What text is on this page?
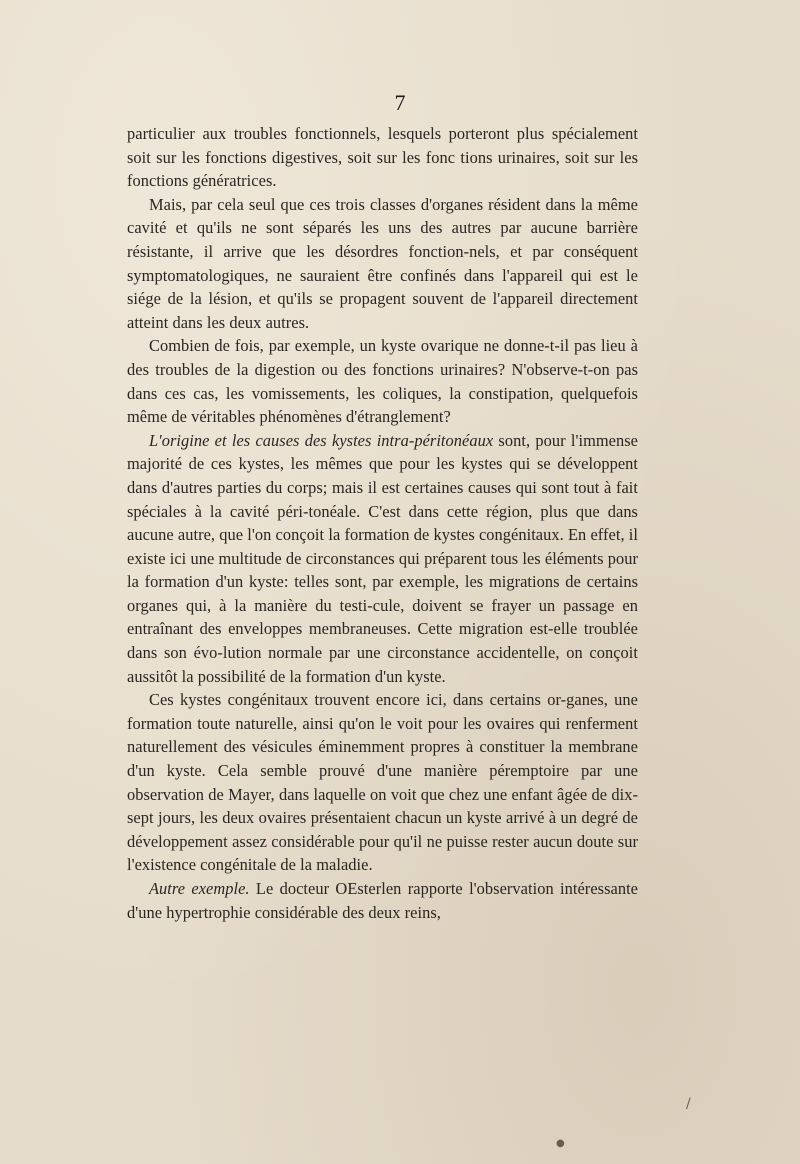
7

particulier aux troubles fonctionnels, lesquels porteront plus spécialement soit sur les fonctions digestives, soit sur les fonc tions urinaires, soit sur les fonctions génératrices.

Mais, par cela seul que ces trois classes d'organes résident dans la même cavité et qu'ils ne sont séparés les uns des autres par aucune barrière résistante, il arrive que les désordres fonction-nels, et par conséquent symptomatologiques, ne sauraient être confinés dans l'appareil qui est le siége de la lésion, et qu'ils se propagent souvent de l'appareil directement atteint dans les deux autres.

Combien de fois, par exemple, un kyste ovarique ne donne-t-il pas lieu à des troubles de la digestion ou des fonctions urinaires? N'observe-t-on pas dans ces cas, les vomissements, les coliques, la constipation, quelquefois même de véritables phénomènes d'étranglement?

L'origine et les causes des kystes intra-péritonéaux sont, pour l'immense majorité de ces kystes, les mêmes que pour les kystes qui se développent dans d'autres parties du corps; mais il est certaines causes qui sont tout à fait spéciales à la cavité péri-tonéale. C'est dans cette région, plus que dans aucune autre, que l'on conçoit la formation de kystes congénitaux. En effet, il existe ici une multitude de circonstances qui préparent tous les éléments pour la formation d'un kyste: telles sont, par exemple, les migrations de certains organes qui, à la manière du testi-cule, doivent se frayer un passage en entraînant des enveloppes membraneuses. Cette migration est-elle troublée dans son évo-lution normale par une circonstance accidentelle, on conçoit aussitôt la possibilité de la formation d'un kyste.

Ces kystes congénitaux trouvent encore ici, dans certains or-ganes, une formation toute naturelle, ainsi qu'on le voit pour les ovaires qui renferment naturellement des vésicules éminemment propres à constituer la membrane d'un kyste. Cela semble prouvé d'une manière péremptoire par une observation de Mayer, dans laquelle on voit que chez une enfant âgée de dix-sept jours, les deux ovaires présentaient chacun un kyste arrivé à un degré de développement assez considérable pour qu'il ne puisse rester aucun doute sur l'existence congénitale de la maladie.

Autre exemple. Le docteur OEsterlen rapporte l'observation intéressante d'une hypertrophie considérable des deux reins,

/
●
